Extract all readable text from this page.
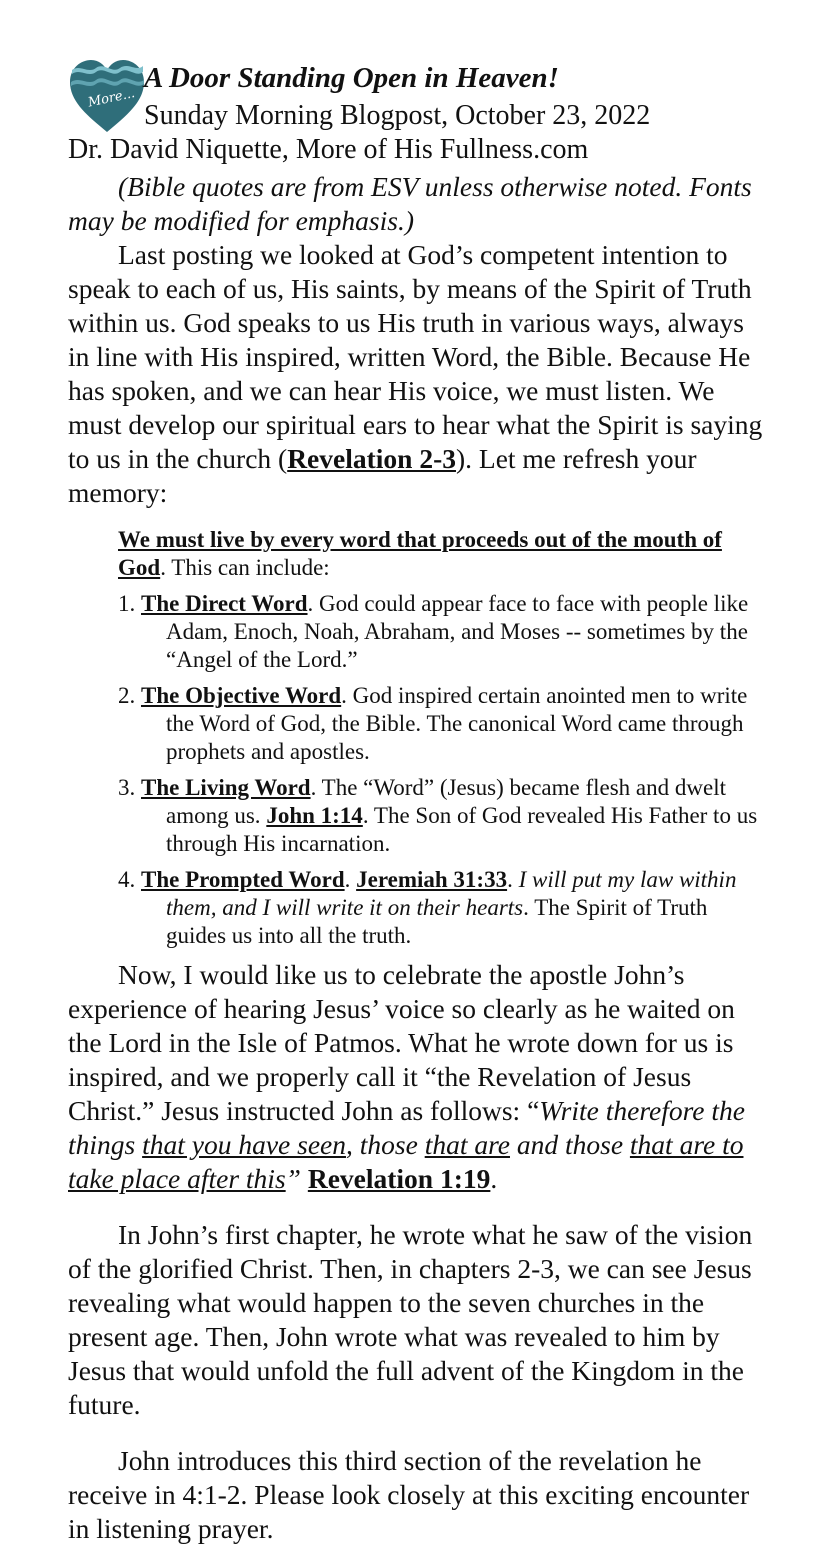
More...
A Door Standing Open in Heaven!
Sunday Morning Blogpost, October 23, 2022
Dr. David Niquette, More of His Fullness.com

(Bible quotes are from ESV unless otherwise noted. Fonts may be modified for emphasis.)

Last posting we looked at God’s competent intention to speak to each of us, His saints, by means of the Spirit of Truth within us. God speaks to us His truth in various ways, always in line with His inspired, written Word, the Bible. Because He has spoken, and we can hear His voice, we must listen. We must develop our spiritual ears to hear what the Spirit is saying to us in the church (Revelation 2-3). Let me refresh your memory:

We must live by every word that proceeds out of the mouth of God. This can include:

1. The Direct Word. God could appear face to face with people like Adam, Enoch, Noah, Abraham, and Moses -- sometimes by the “Angel of the Lord.”
2. The Objective Word. God inspired certain anointed men to write the Word of God, the Bible. The canonical Word came through prophets and apostles.
3. The Living Word. The “Word” (Jesus) became flesh and dwelt among us. John 1:14. The Son of God revealed His Father to us through His incarnation.
4. The Prompted Word. Jeremiah 31:33. I will put my law within them, and I will write it on their hearts. The Spirit of Truth guides us into all the truth.

Now, I would like us to celebrate the apostle John’s experience of hearing Jesus’ voice so clearly as he waited on the Lord in the Isle of Patmos. What he wrote down for us is inspired, and we properly call it “the Revelation of Jesus Christ.” Jesus instructed John as follows: “Write therefore the things that you have seen, those that are and those that are to take place after this” Revelation 1:19.

In John’s first chapter, he wrote what he saw of the vision of the glorified Christ. Then, in chapters 2-3, we can see Jesus revealing what would happen to the seven churches in the present age. Then, John wrote what was revealed to him by Jesus that would unfold the full advent of the Kingdom in the future.

John introduces this third section of the revelation he receive in 4:1-2. Please look closely at this exciting encounter in listening prayer.
